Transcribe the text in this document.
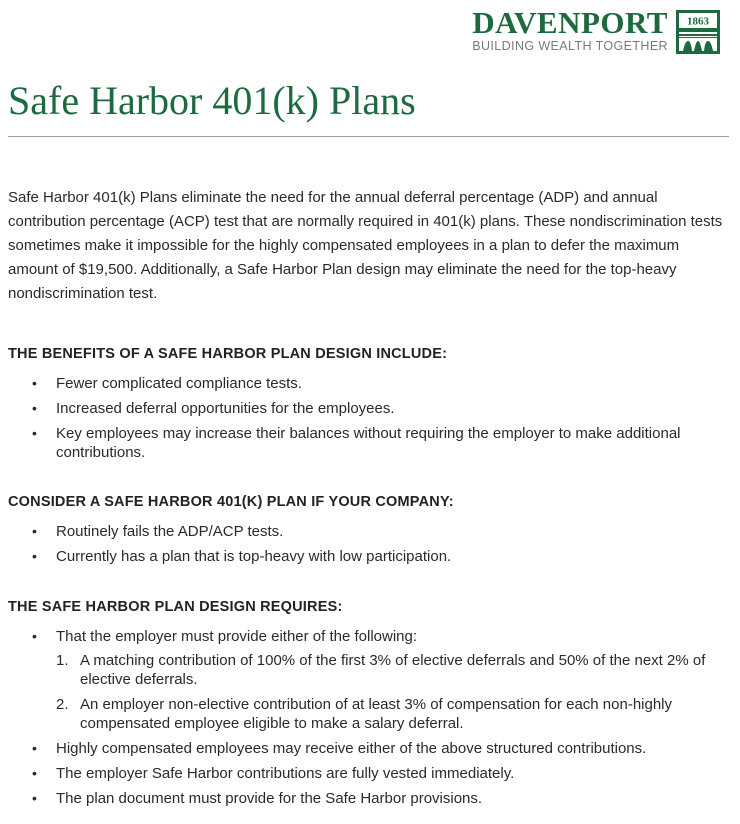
DAVENPORT
BUILDING WEALTH TOGETHER
1863
Safe Harbor 401(k) Plans

Safe Harbor 401(k) Plans eliminate the need for the annual deferral percentage (ADP) and annual contribution percentage (ACP) test that are normally required in 401(k) plans. These nondiscrimination tests sometimes make it impossible for the highly compensated employees in a plan to defer the maximum amount of $19,500. Additionally, a Safe Harbor Plan design may eliminate the need for the top-heavy nondiscrimination test.

THE BENEFITS OF A SAFE HARBOR PLAN DESIGN INCLUDE:
• Fewer complicated compliance tests.
• Increased deferral opportunities for the employees.
• Key employees may increase their balances without requiring the employer to make additional contributions.
CONSIDER A SAFE HARBOR 401(K) PLAN IF YOUR COMPANY:
• Routinely fails the ADP/ACP tests.
• Currently has a plan that is top-heavy with low participation.
THE SAFE HARBOR PLAN DESIGN REQUIRES:
• That the employer must provide either of the following:
1. A matching contribution of 100% of the first 3% of elective deferrals and 50% of the next 2% of elective deferrals.
2. An employer non-elective contribution of at least 3% of compensation for each non-highly compensated employee eligible to make a salary deferral.
• Highly compensated employees may receive either of the above structured contributions.
• The employer Safe Harbor contributions are fully vested immediately.
• The plan document must provide for the Safe Harbor provisions.
